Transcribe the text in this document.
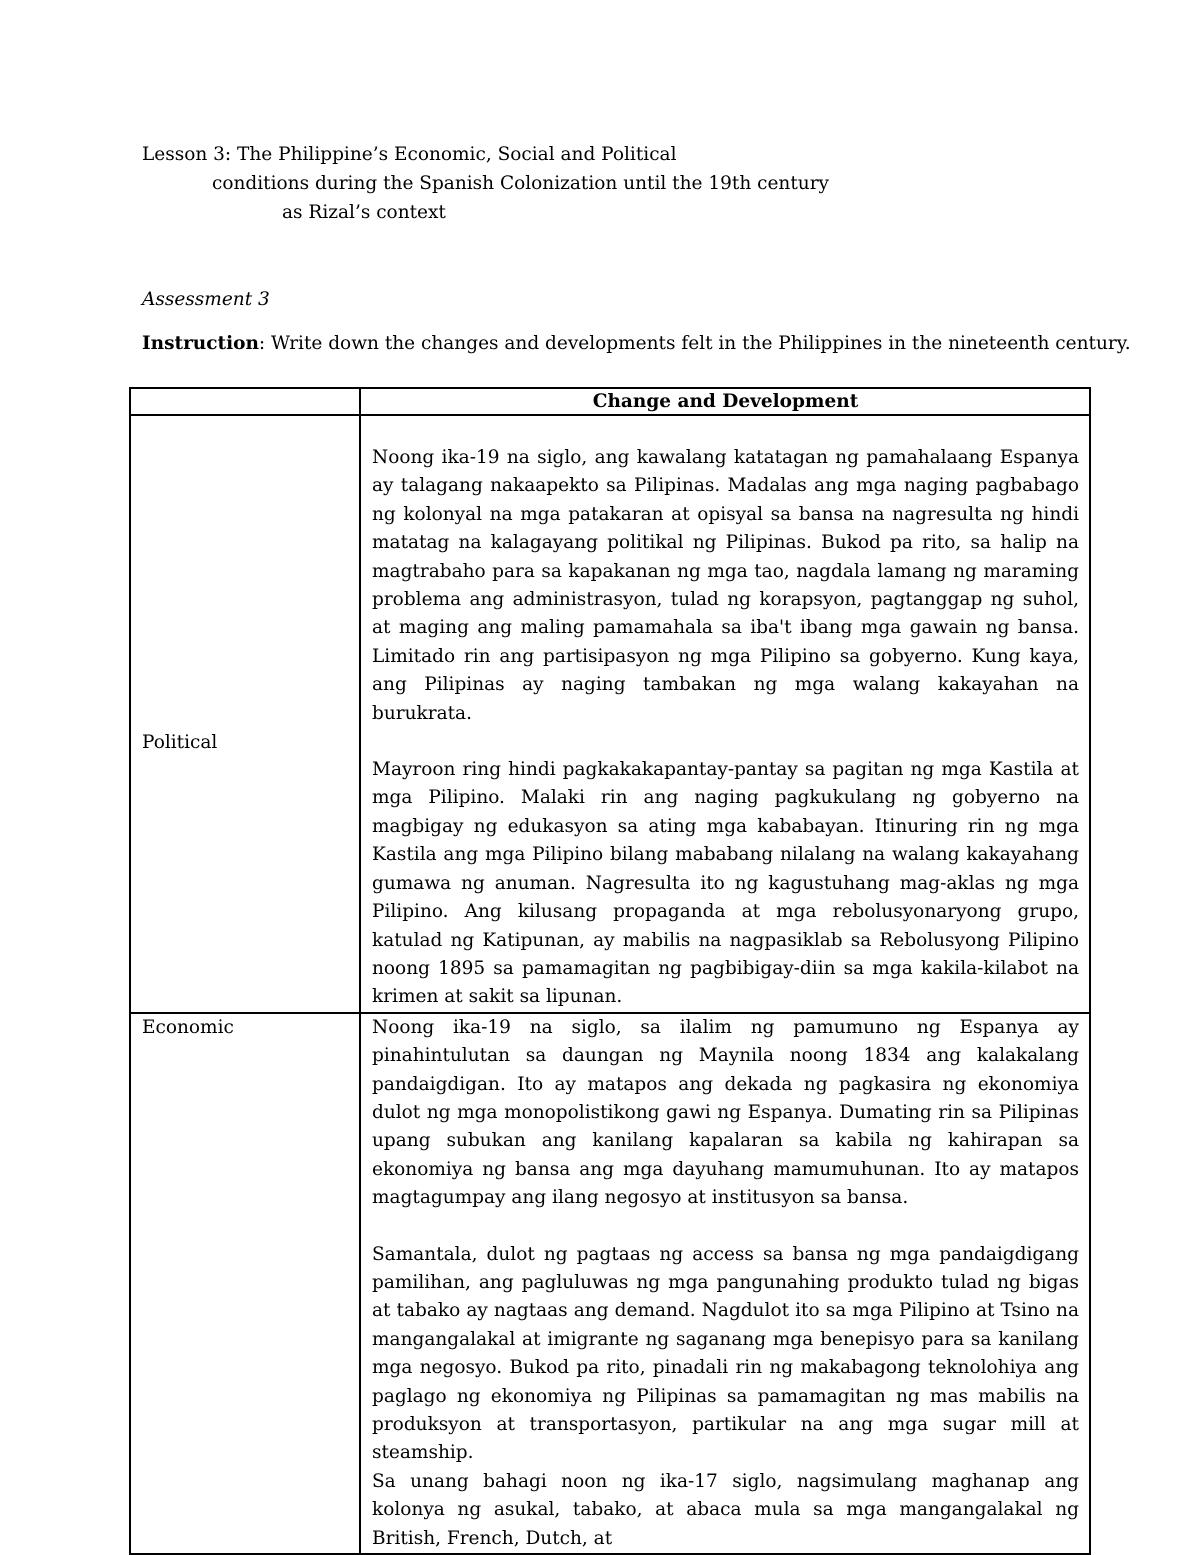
Lesson 3: The Philippine’s Economic, Social and Political
conditions during the Spanish Colonization until the 19th century
as Rizal’s context
Assessment 3
Instruction: Write down the changes and developments felt in the Philippines in the nineteenth century.
	Change and Development
Political	Noong ika-19 na siglo, ang kawalang katatagan ng pamahalaang Espanya ay talagang nakaapekto sa Pilipinas. Madalas ang mga naging pagbabago ng kolonyal na mga patakaran at opisyal sa bansa na nagresulta ng hindi matatag na kalagayang politikal ng Pilipinas. Bukod pa rito, sa halip na magtrabaho para sa kapakanan ng mga tao, nagdala lamang ng maraming problema ang administrasyon, tulad ng korapsyon, pagtanggap ng suhol, at maging ang maling pamamahala sa iba't ibang mga gawain ng bansa. Limitado rin ang partisipasyon ng mga Pilipino sa gobyerno. Kung kaya, ang Pilipinas ay naging tambakan ng mga walang kakayahan na burukrata.

Mayroon ring hindi pagkakakapantay-pantay sa pagitan ng mga Kastila at mga Pilipino. Malaki rin ang naging pagkukulang ng gobyerno na magbigay ng edukasyon sa ating mga kababayan. Itinuring rin ng mga Kastila ang mga Pilipino bilang mababang nilalang na walang kakayahang gumawa ng anuman. Nagresulta ito ng kagustuhang mag-aklas ng mga Pilipino. Ang kilusang propaganda at mga rebolusyonaryong grupo, katulad ng Katipunan, ay mabilis na nagpasiklab sa Rebolusyong Pilipino noong 1895 sa pamamagitan ng pagbibigay-diin sa mga kakila-kilabot na krimen at sakit sa lipunan.

Economic	Noong ika-19 na siglo, sa ilalim ng pamumuno ng Espanya ay pinahintulutan sa daungan ng Maynila noong 1834 ang kalakalang pandaigdigan. Ito ay matapos ang dekada ng pagkasira ng ekonomiya dulot ng mga monopolistikong gawi ng Espanya. Dumating rin sa Pilipinas upang subukan ang kanilang kapalaran sa kabila ng kahirapan sa ekonomiya ng bansa ang mga dayuhang mamumuhunan. Ito ay matapos magtagumpay ang ilang negosyo at institusyon sa bansa.

Samantala, dulot ng pagtaas ng access sa bansa ng mga pandaigdigang pamilihan, ang pagluluwas ng mga pangunahing produkto tulad ng bigas at tabako ay nagtaas ang demand. Nagdulot ito sa mga Pilipino at Tsino na mangangalakal at imigrante ng saganang mga benepisyo para sa kanilang mga negosyo. Bukod pa rito, pinadali rin ng makabagong teknolohiya ang paglago ng ekonomiya ng Pilipinas sa pamamagitan ng mas mabilis na produksyon at transportasyon, partikular na ang mga sugar mill at steamship.

Sa unang bahagi noon ng ika-17 siglo, nagsimulang maghanap ang kolonya ng asukal, tabako, at abaca mula sa mga mangangalakal ng British, French, Dutch, at
